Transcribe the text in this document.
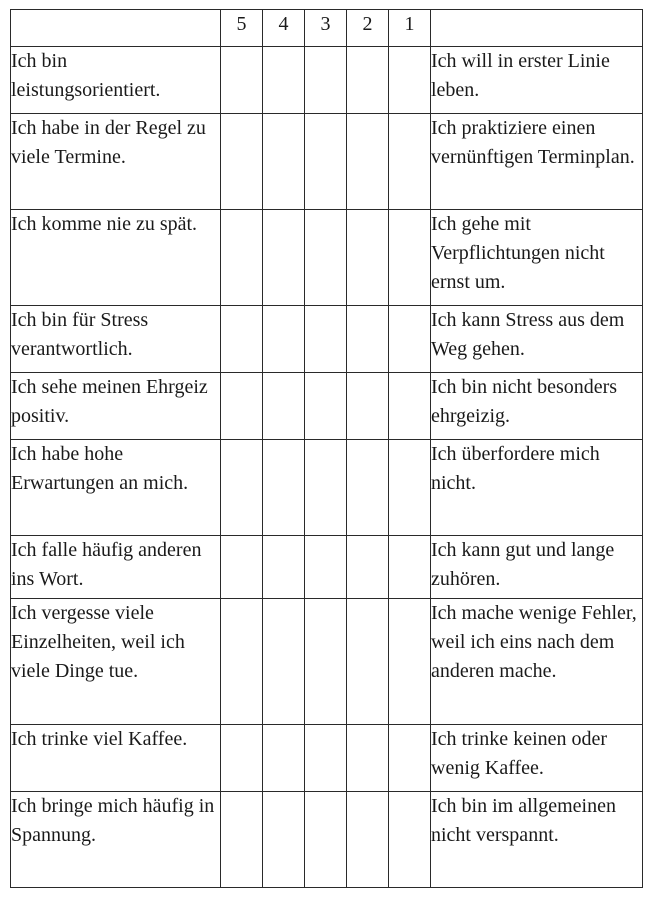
	5	4	3	2	1	
Ich bin leistungsorientiert.						Ich will in erster Linie leben.
Ich habe in der Regel zu viele Termine.						Ich praktiziere einen vernünftigen Terminplan.
Ich komme nie zu spät.						Ich gehe mit Verpflichtungen nicht ernst um.
Ich bin für Stress verantwortlich.						Ich kann Stress aus dem Weg gehen.
Ich sehe meinen Ehrgeiz positiv.						Ich bin nicht besonders ehrgeizig.
Ich habe hohe Erwartungen an mich.						Ich überfordere mich nicht.
Ich falle häufig anderen ins Wort.						Ich kann gut und lange zuhören.
Ich vergesse viele Einzelheiten, weil ich viele Dinge tue.						Ich mache wenige Fehler, weil ich eins nach dem anderen mache.
Ich trinke viel Kaffee.						Ich trinke keinen oder wenig Kaffee.
Ich bringe mich häufig in Spannung.						Ich bin im allgemeinen nicht verspannt.
